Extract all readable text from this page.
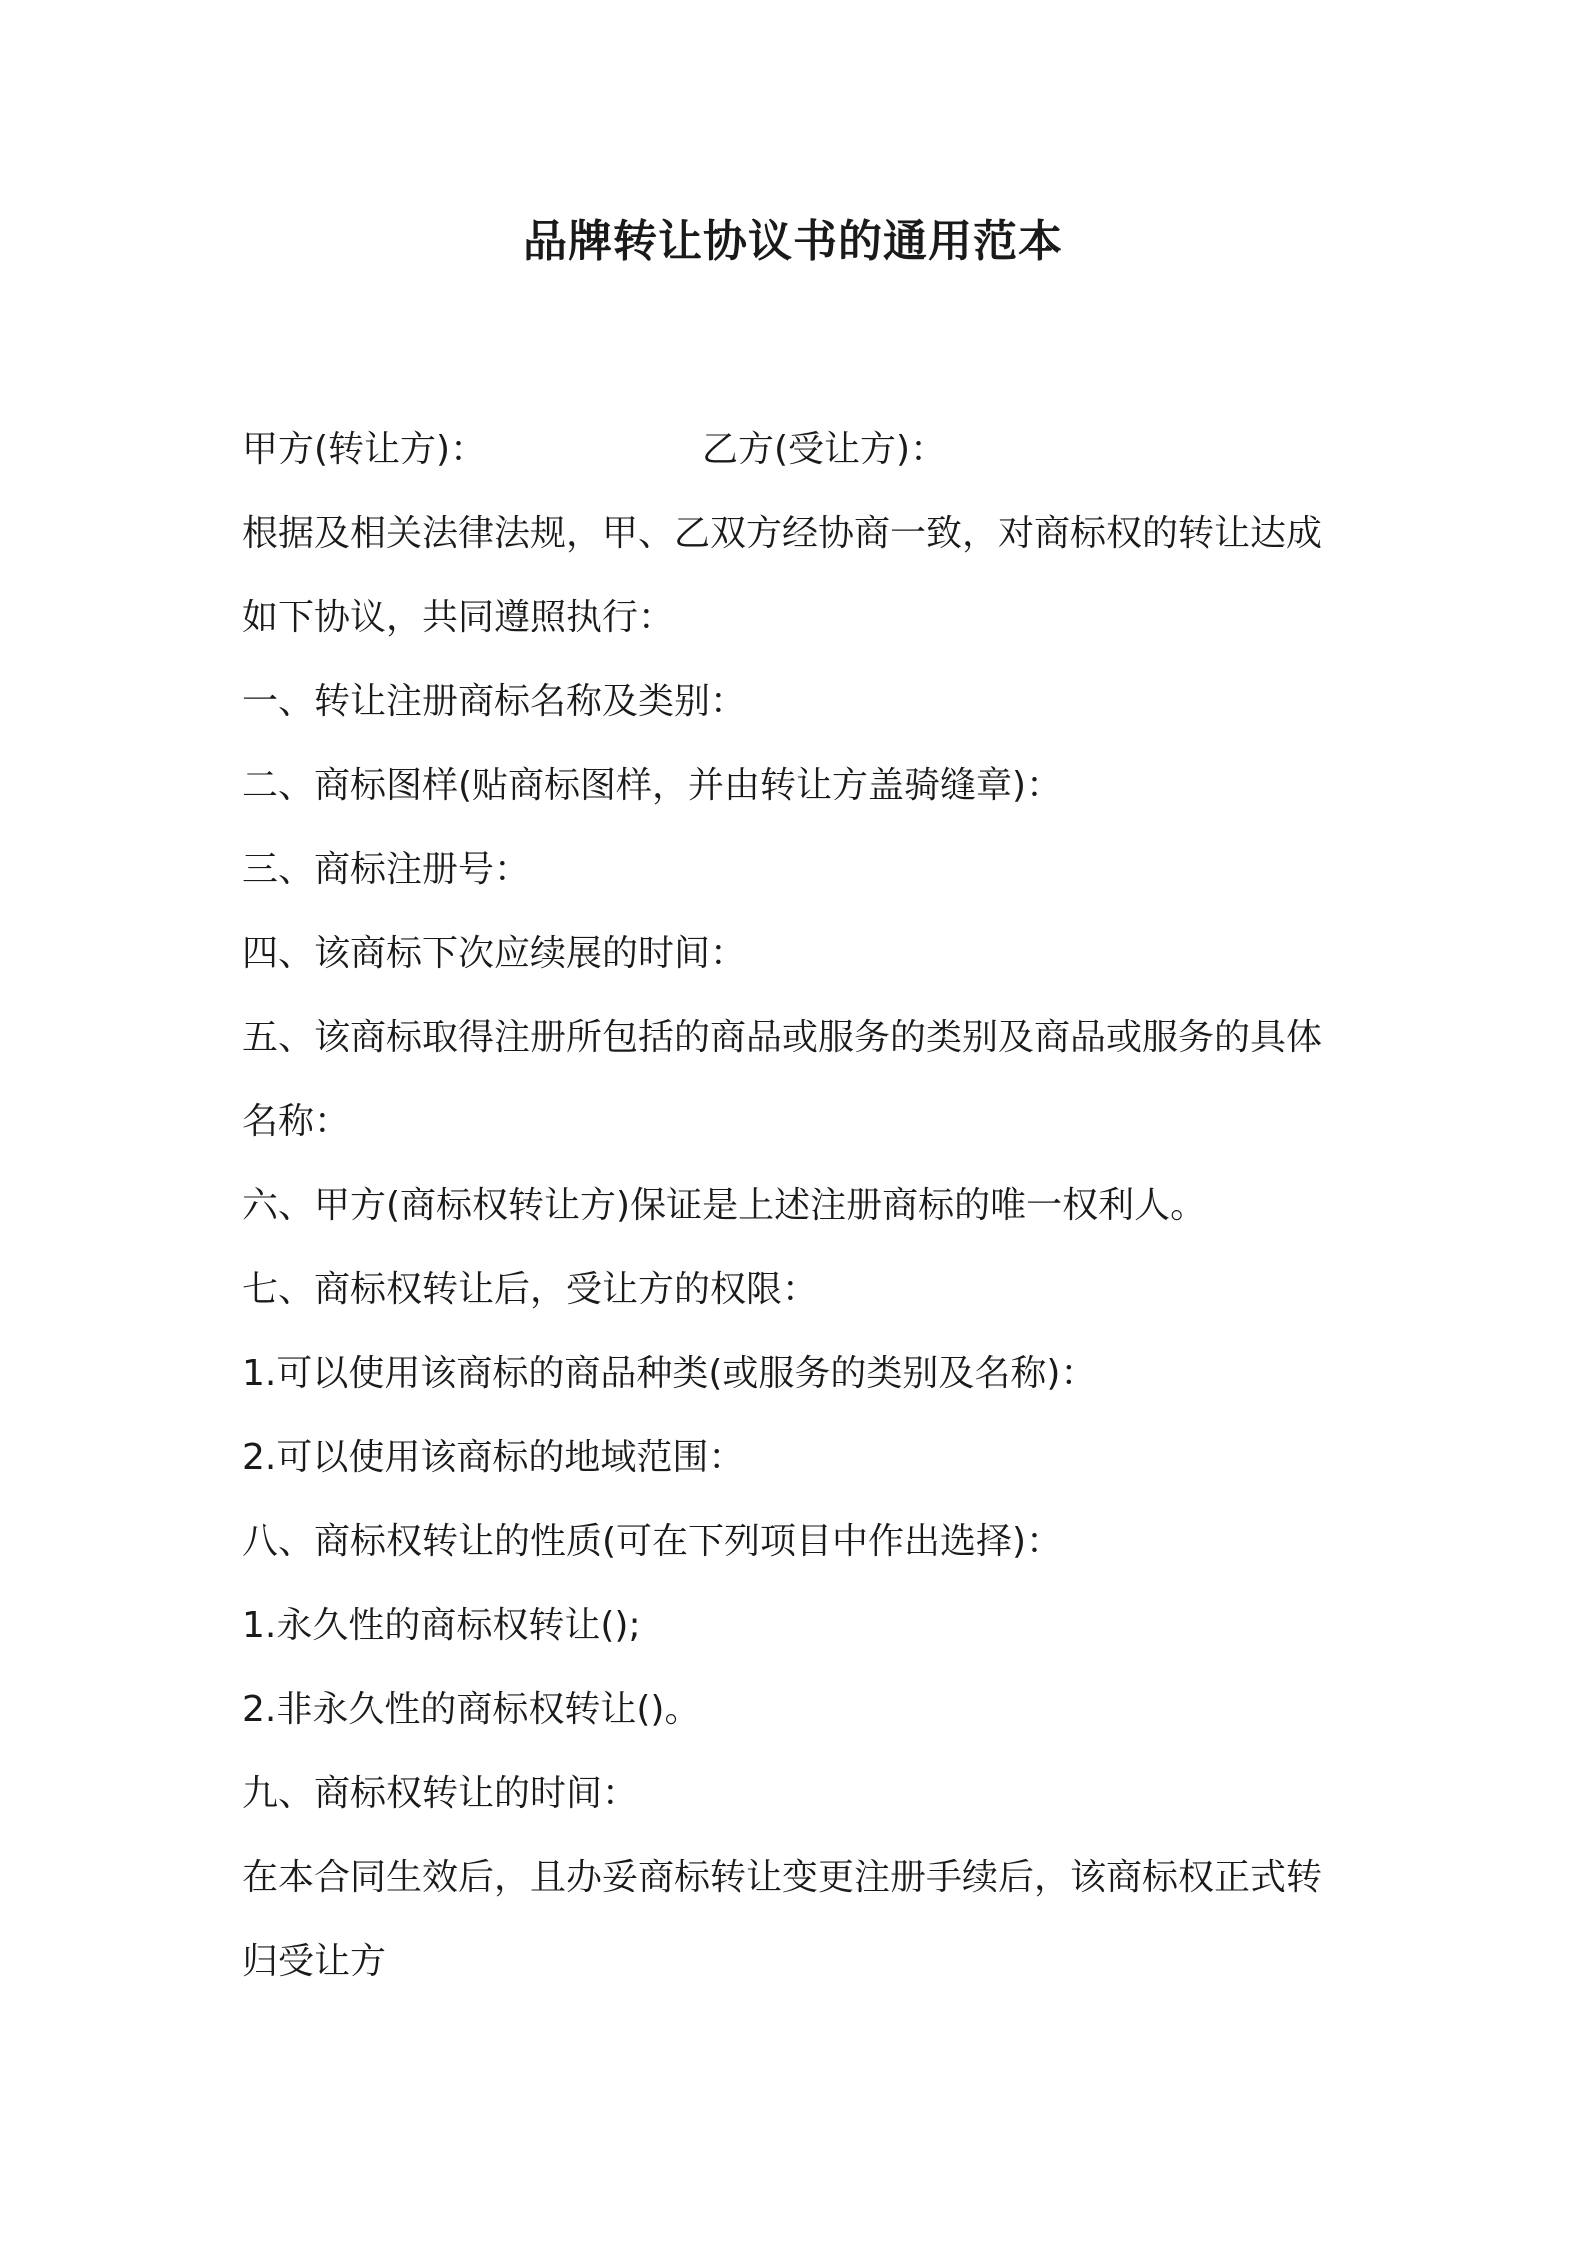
品牌转让协议书的通用范本
甲方(转让方)：	乙方(受让方)：
根据及相关法律法规，甲、乙双方经协商一致，对商标权的转让达成
如下协议，共同遵照执行：
一、转让注册商标名称及类别：
二、商标图样(贴商标图样，并由转让方盖骑缝章)：
三、商标注册号：
四、该商标下次应续展的时间：
五、该商标取得注册所包括的商品或服务的类别及商品或服务的具体
名称：
六、甲方(商标权转让方)保证是上述注册商标的唯一权利人。
七、商标权转让后，受让方的权限：
1.可以使用该商标的商品种类(或服务的类别及名称)：
2.可以使用该商标的地域范围：
八、商标权转让的性质(可在下列项目中作出选择)：
1.永久性的商标权转让();
2.非永久性的商标权转让()。
九、商标权转让的时间：
在本合同生效后，且办妥商标转让变更注册手续后，该商标权正式转
归受让方
